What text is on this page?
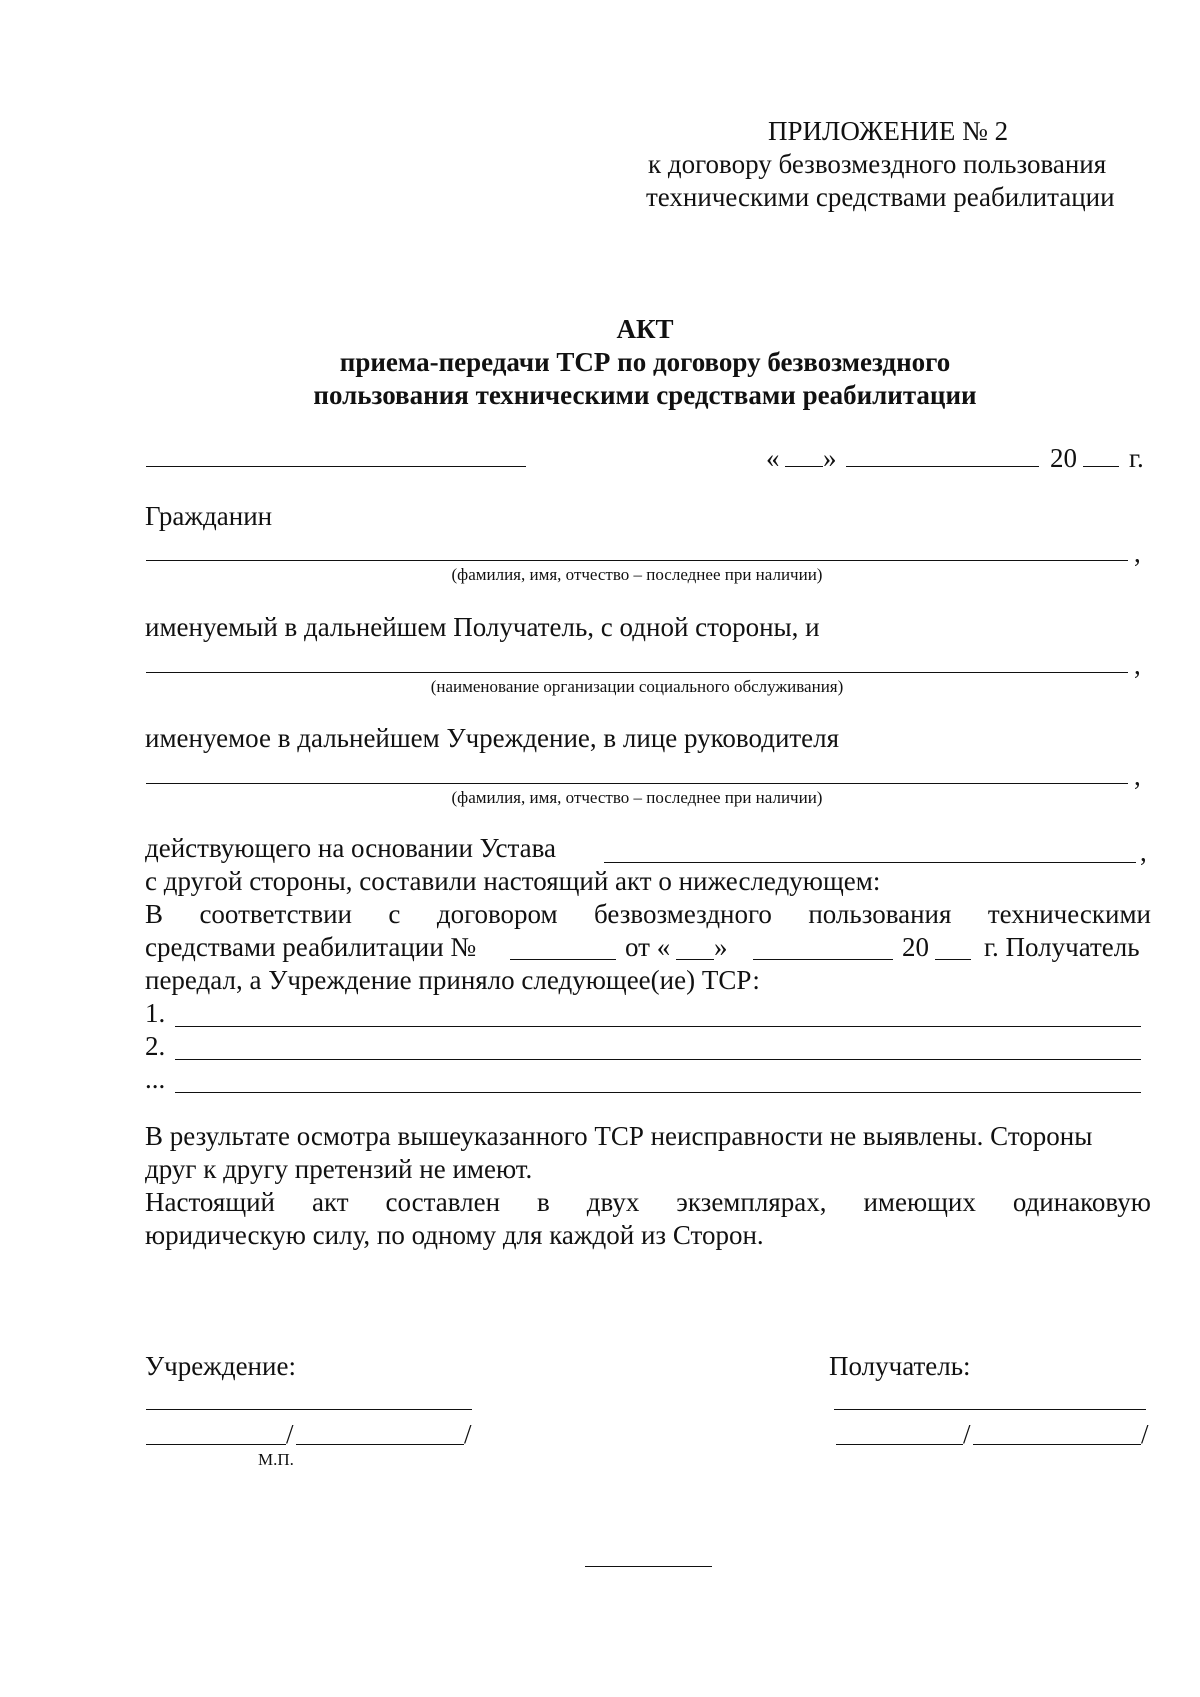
ПРИЛОЖЕНИЕ № 2
к договору безвозмездного пользования
техническими средствами реабилитации
АКТ
приема-передачи ТСР по договору безвозмездного
пользования техническими средствами реабилитации
« »	20 г.
Гражданин
,
(фамилия, имя, отчество – последнее при наличии)
именуемый в дальнейшем Получатель, с одной стороны, и
,
(наименование организации социального обслуживания)
именуемое в дальнейшем Учреждение, в лице руководителя
,
(фамилия, имя, отчество – последнее при наличии)
действующего на основании Устава	,
с другой стороны, составили настоящий акт о нижеследующем:
В соответствии с договором безвозмездного пользования техническими
средствами реабилитации №	от « »	20 г. Получатель
передал, а Учреждение приняло следующее(ие) ТСР:
1.
2.
...
В результате осмотра вышеуказанного ТСР неисправности не выявлены. Стороны
друг к другу претензий не имеют.
Настоящий акт составлен в двух экземплярах, имеющих одинаковую
юридическую силу, по одному для каждой из Сторон.
Учреждение:	Получатель:
/	/	/	/
М.П.
